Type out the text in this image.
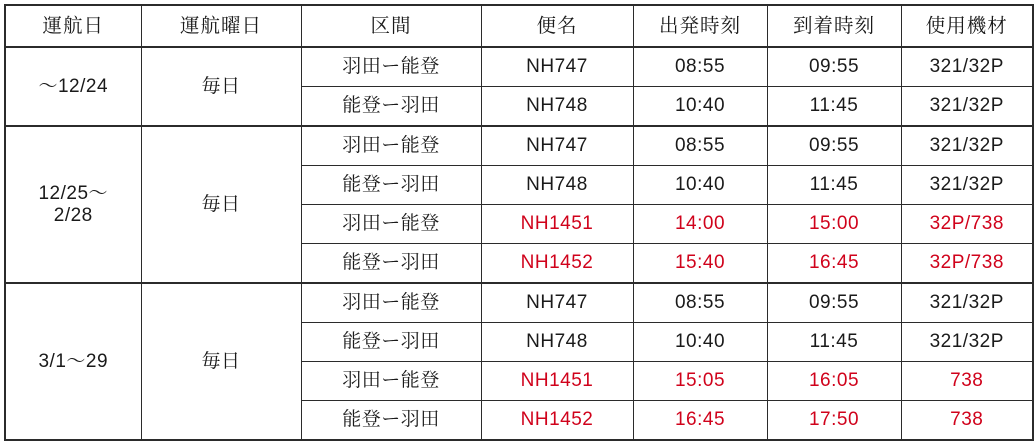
運航日	運航曜日	区間	便名	出発時刻	到着時刻	使用機材

〜12/24	毎日	羽田ー能登	NH747	08:55	09:55	321/32P
		能登ー羽田	NH748	10:40	11:45	321/32P

12/25〜
2/28	毎日	羽田ー能登	NH747	08:55	09:55	321/32P
		能登ー羽田	NH748	10:40	11:45	321/32P
		羽田ー能登	NH1451	14:00	15:00	32P/738
		能登ー羽田	NH1452	15:40	16:45	32P/738

3/1〜29	毎日	羽田ー能登	NH747	08:55	09:55	321/32P
		能登ー羽田	NH748	10:40	11:45	321/32P
		羽田ー能登	NH1451	15:05	16:05	738
		能登ー羽田	NH1452	16:45	17:50	738
